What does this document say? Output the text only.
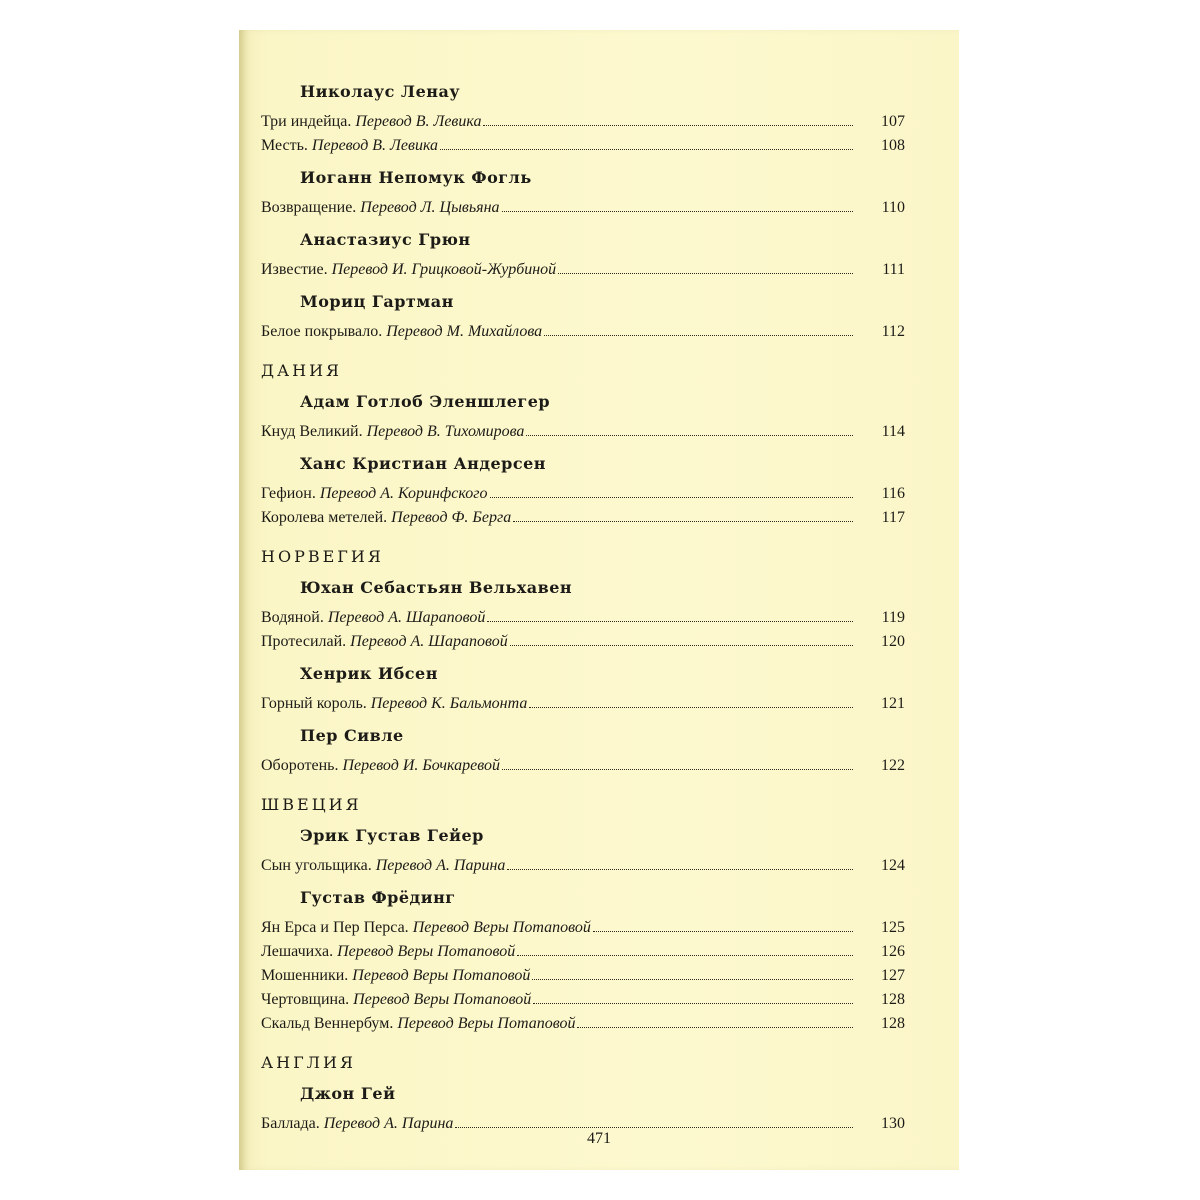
Николаус Ленау
Три индейца. Перевод В. Левика	107
Месть. Перевод В. Левика	108
Иоганн Непомук Фогль
Возвращение. Перевод Л. Цывьяна	110
Анастазиус Грюн
Известие. Перевод И. Грицковой-Журбиной	111
Мориц Гартман
Белое покрывало. Перевод М. Михайлова	112
ДАНИЯ
Адам Готлоб Эленшлегер
Кнуд Великий. Перевод В. Тихомирова	114
Ханс Кристиан Андерсен
Гефион. Перевод А. Коринфского	116
Королева метелей. Перевод Ф. Берга	117
НОРВЕГИЯ
Юхан Себастьян Вельхавен
Водяной. Перевод А. Шараповой	119
Протесилай. Перевод А. Шараповой	120
Хенрик Ибсен
Горный король. Перевод К. Бальмонта	121
Пер Сивле
Оборотень. Перевод И. Бочкаревой	122
ШВЕЦИЯ
Эрик Густав Гейер
Сын угольщика. Перевод А. Парина	124
Густав Фрёдинг
Ян Ерса и Пер Перса. Перевод Веры Потаповой	125
Лешачиха. Перевод Веры Потаповой	126
Мошенники. Перевод Веры Потаповой	127
Чертовщина. Перевод Веры Потаповой	128
Скальд Веннербум. Перевод Веры Потаповой	128
АНГЛИЯ
Джон Гей
Баллада. Перевод А. Парина	130
471
